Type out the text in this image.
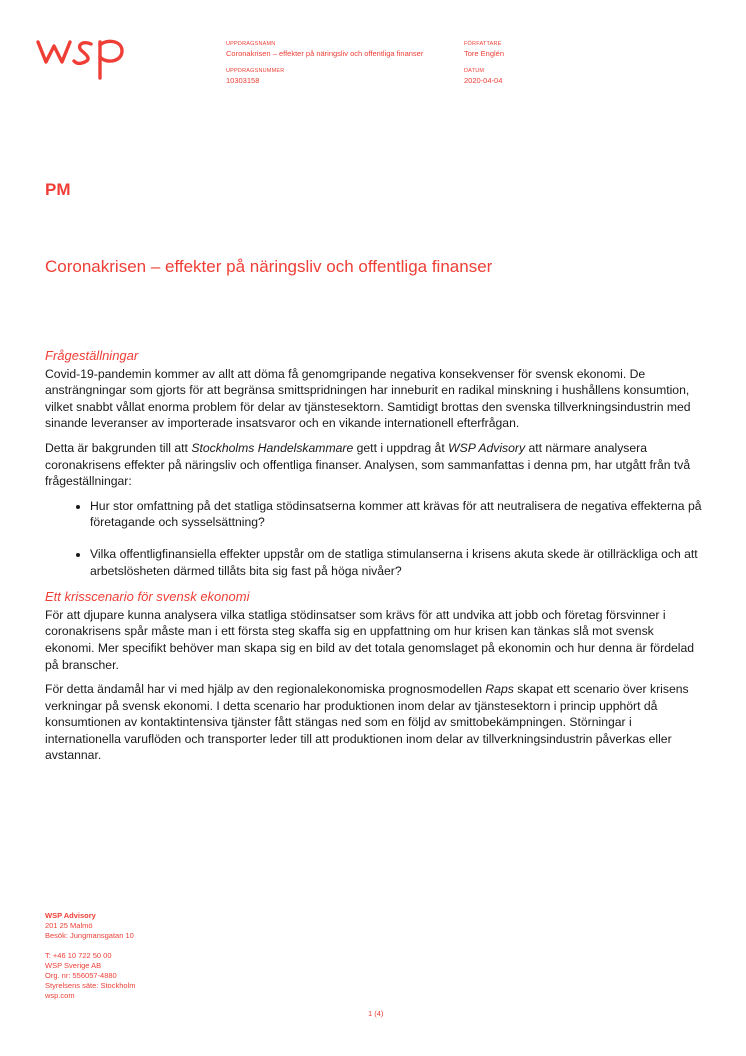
UPPDRAGSNAMN
Coronakrisen – effekter på näringsliv och offentliga finanser
FÖRFATTARE
Tore Englén
UPPDRAGSNUMMER
10303158
DATUM
2020-04-04
PM
Coronakrisen – effekter på näringsliv och offentliga finanser
Frågeställningar

Covid-19-pandemin kommer av allt att döma få genomgripande negativa konsekvenser för svensk ekonomi. De ansträngningar som gjorts för att begränsa smittspridningen har inneburit en radikal minskning i hushållens konsumtion, vilket snabbt vållat enorma problem för delar av tjänstesektorn. Samtidigt brottas den svenska tillverkningsindustrin med sinande leveranser av importerade insatsvaror och en vikande internationell efterfrågan.

Detta är bakgrunden till att Stockholms Handelskammare gett i uppdrag åt WSP Advisory att närmare analysera coronakrisens effekter på näringsliv och offentliga finanser. Analysen, som sammanfattas i denna pm, har utgått från två frågeställningar:

• Hur stor omfattning på det statliga stödinsatserna kommer att krävas för att neutralisera de negativa effekterna på företagande och sysselsättning?
• Vilka offentligfinansiella effekter uppstår om de statliga stimulanserna i krisens akuta skede är otillräckliga och att arbetslösheten därmed tillåts bita sig fast på höga nivåer?
Ett krisscenario för svensk ekonomi

För att djupare kunna analysera vilka statliga stödinsatser som krävs för att undvika att jobb och företag försvinner i coronakrisens spår måste man i ett första steg skaffa sig en uppfattning om hur krisen kan tänkas slå mot svensk ekonomi. Mer specifikt behöver man skapa sig en bild av det totala genomslaget på ekonomin och hur denna är fördelad på branscher.

För detta ändamål har vi med hjälp av den regionalekonomiska prognosmodellen Raps skapat ett scenario över krisens verkningar på svensk ekonomi. I detta scenario har produktionen inom delar av tjänstesektorn i princip upphört då konsumtionen av kontaktintensiva tjänster fått stängas ned som en följd av smittobekämpningen. Störningar i internationella varuflöden och transporter leder till att produktionen inom delar av tillverkningsindustrin påverkas eller avstannar.

WSP Advisory
201 25 Malmö
Besök: Jungmansgatan 10
T: +46 10 722 50 00
WSP Sverige AB
Org. nr: 556057-4880
Styrelsens säte: Stockholm
wsp.com
1 (4)
